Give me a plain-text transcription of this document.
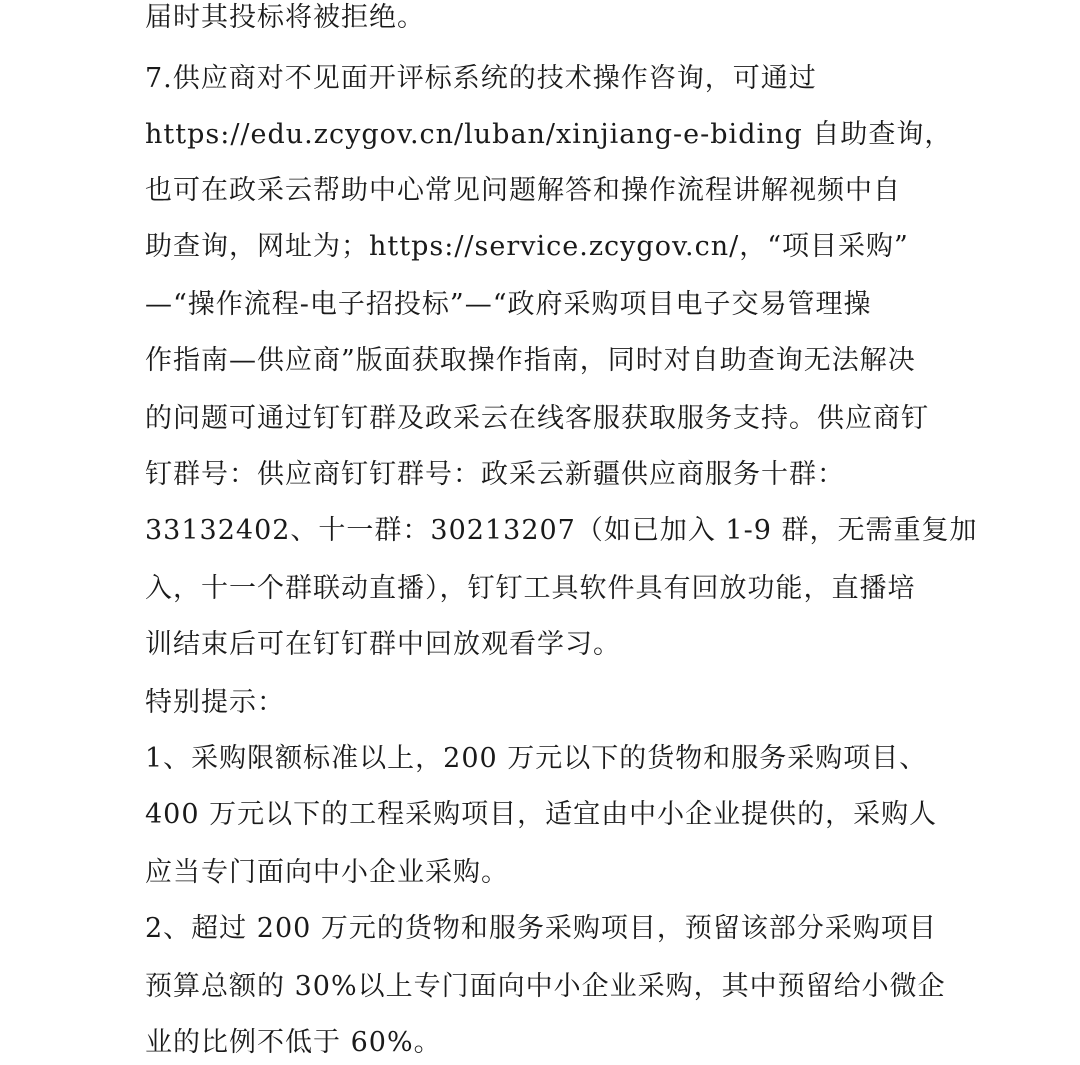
届时其投标将被拒绝。
7.供应商对不见面开评标系统的技术操作咨询，可通过
https://edu.zcygov.cn/luban/xinjiang-e-biding 自助查询，
也可在政采云帮助中心常见问题解答和操作流程讲解视频中自
助查询，网址为；https://service.zcygov.cn/，“项目采购”
—“操作流程-电子招投标”—“政府采购项目电子交易管理操
作指南—供应商”版面获取操作指南，同时对自助查询无法解决
的问题可通过钉钉群及政采云在线客服获取服务支持。供应商钉
钉群号：供应商钉钉群号：政采云新疆供应商服务十群：
33132402、十一群：30213207（如已加入 1-9 群，无需重复加
入，十一个群联动直播），钉钉工具软件具有回放功能，直播培
训结束后可在钉钉群中回放观看学习。
特别提示：
1、采购限额标准以上，200 万元以下的货物和服务采购项目、
400 万元以下的工程采购项目，适宜由中小企业提供的，采购人
应当专门面向中小企业采购。
2、超过 200 万元的货物和服务采购项目，预留该部分采购项目
预算总额的 30%以上专门面向中小企业采购，其中预留给小微企
业的比例不低于 60%。
